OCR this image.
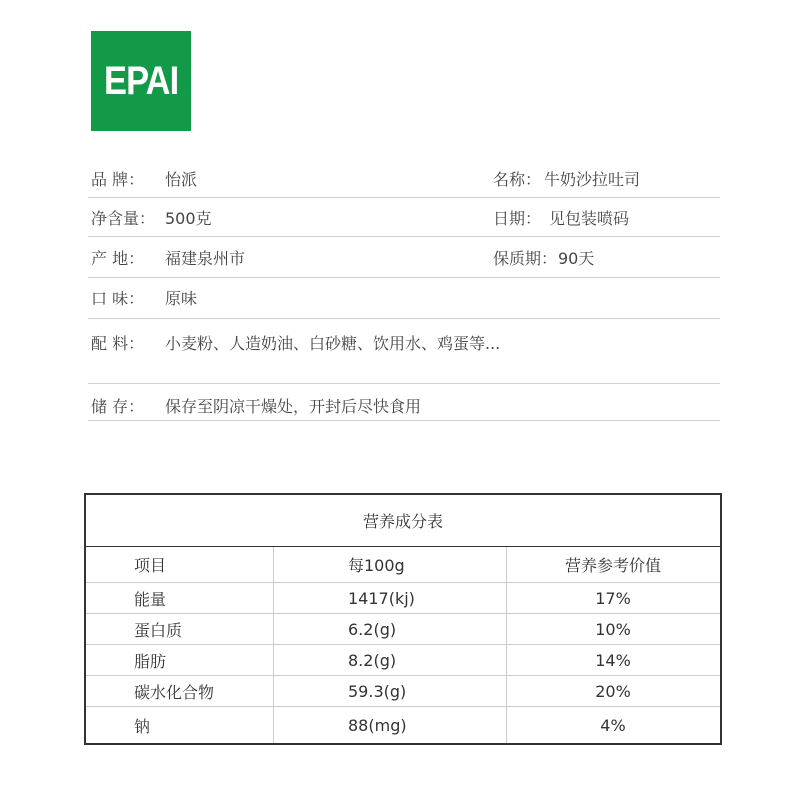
EPAI
品 牌： 怡派	名称： 牛奶沙拉吐司
净含量： 500克	日期： 见包装喷码
产 地： 福建泉州市	保质期： 90天
口 味： 原味
配 料： 小麦粉、人造奶油、白砂糖、饮用水、鸡蛋等...
储 存： 保存至阴凉干燥处，开封后尽快食用
营养成分表
项目	每100g	营养参考价值
能量	1417(kj)	17%
蛋白质	6.2(g)	10%
脂肪	8.2(g)	14%
碳水化合物	59.3(g)	20%
钠	88(mg)	4%
